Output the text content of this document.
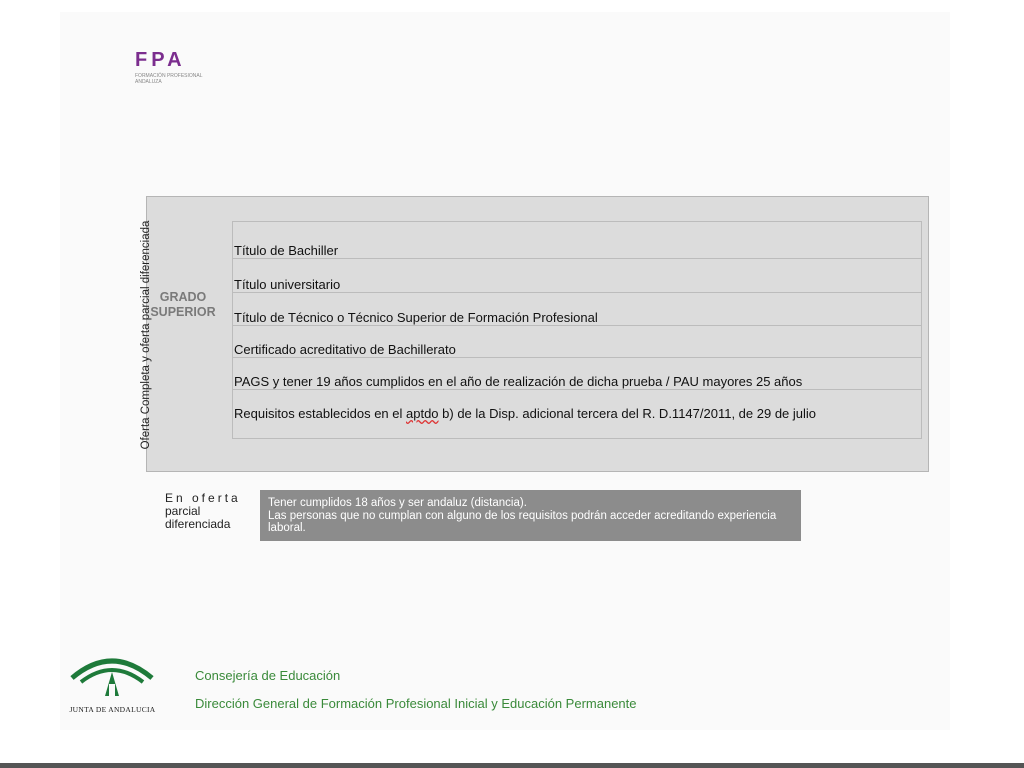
FPA
FORMACIÓN PROFESIONAL ANDALUZA
Oferta Completa y oferta parcial diferenciada GRADO
SUPERIOR
Título de Bachiller
Título universitario
Título de Técnico o Técnico Superior de Formación Profesional
Certificado acreditativo de Bachillerato
PAGS y tener 19 años cumplidos en el año de realización de dicha prueba / PAU mayores 25 años
Requisitos establecidos en el aptdo b) de la Disp. adicional tercera del R. D.1147/2011, de 29 de julio
En oferta
parcial
diferenciada
Tener cumplidos 18 años y ser andaluz (distancia).
Las personas que no cumplan con alguno de los requisitos podrán acceder acreditando experiencia laboral.
JUNTA DE ANDALUCIA
Consejería de Educación
Dirección General de Formación Profesional Inicial y Educación Permanente
